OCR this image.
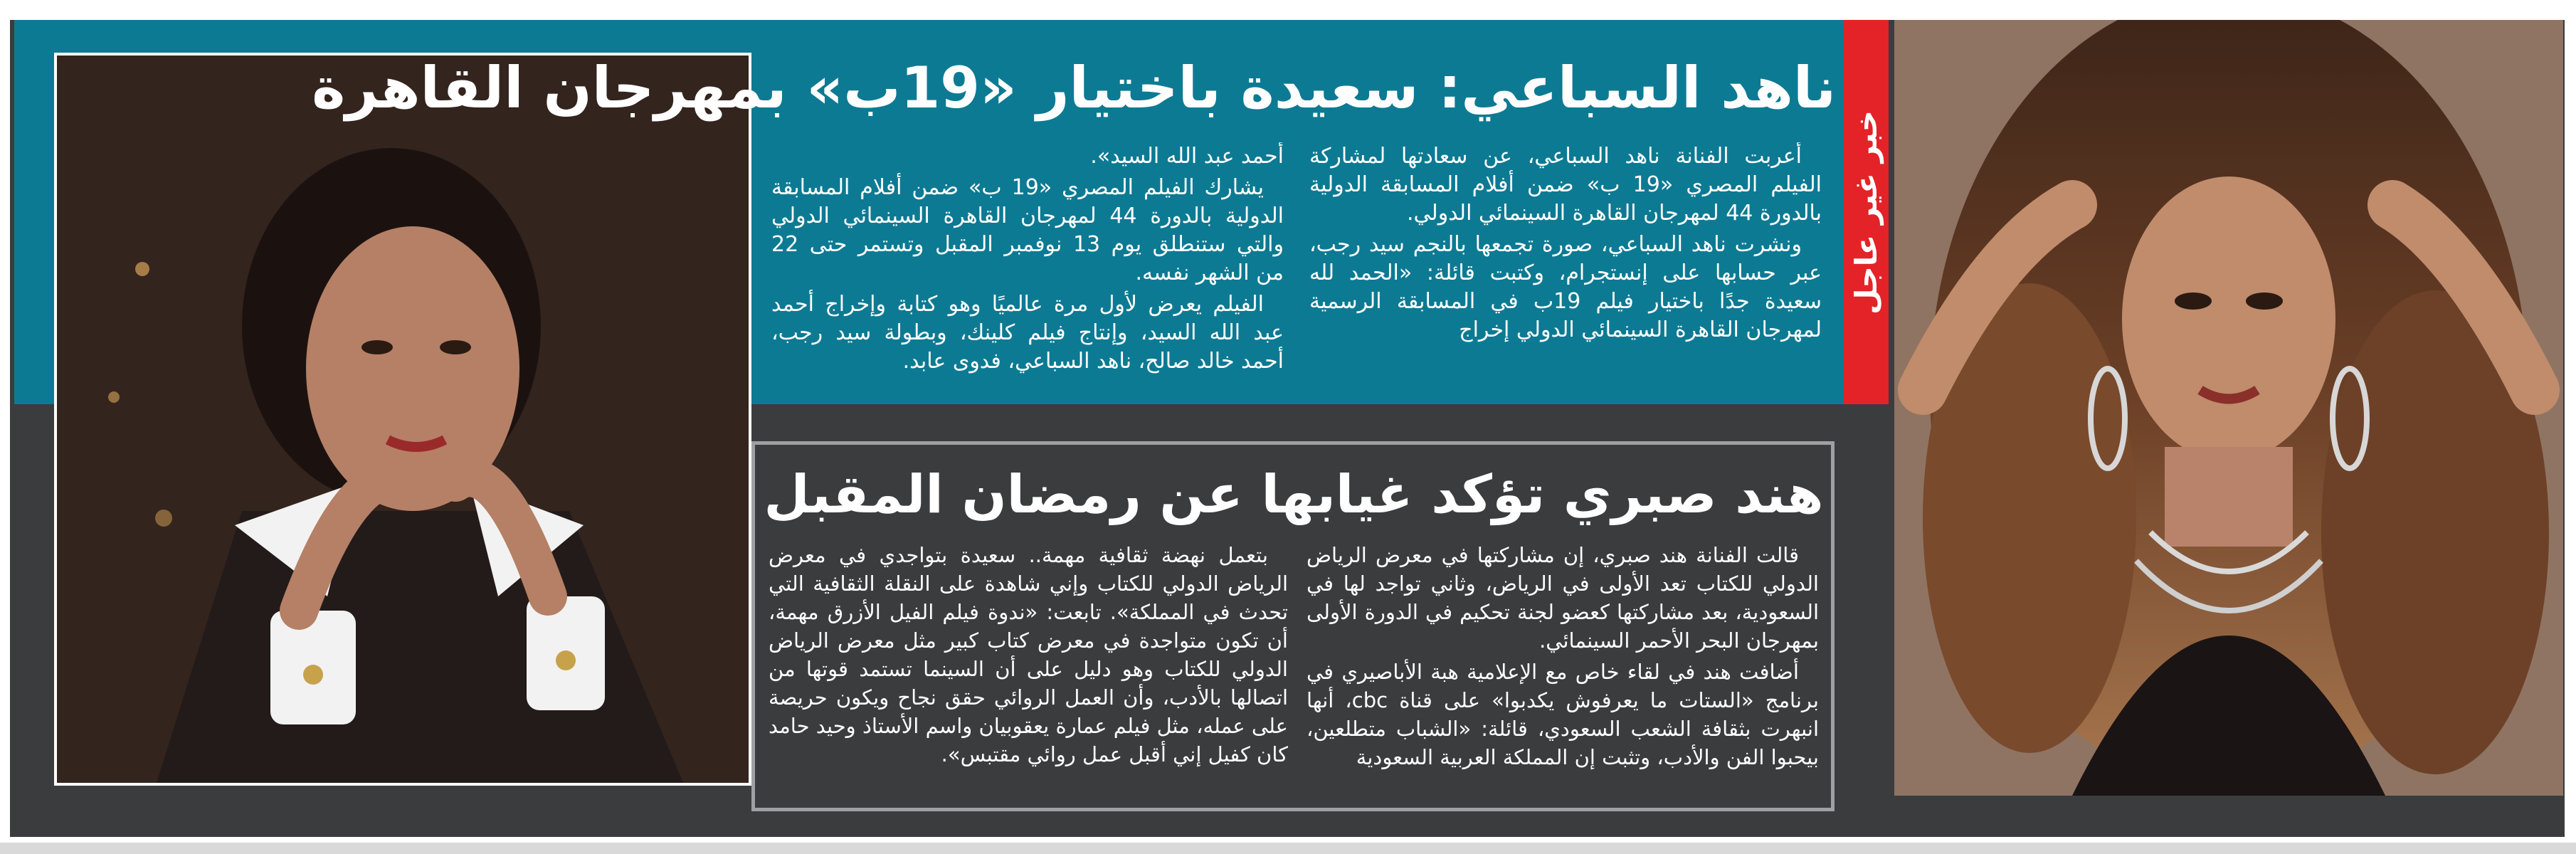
خبر غير عاجل
ناهد السباعي: سعيدة باختيار «19ب» بمهرجان القاهرة

أعربت الفنانة ناهد السباعي، عن سعادتها لمشاركة الفيلم المصري «19 ب» ضمن أفلام المسابقة الدولية بالدورة 44 لمهرجان القاهرة السينمائي الدولي.

ونشرت ناهد السباعي، صورة تجمعها بالنجم سيد رجب، عبر حسابها على إنستجرام، وكتبت قائلة: «الحمد لله سعيدة جدًا باختيار فيلم 19ب في المسابقة الرسمية لمهرجان القاهرة السينمائي الدولي إخراج

أحمد عبد الله السيد».

يشارك الفيلم المصري «19 ب» ضمن أفلام المسابقة الدولية بالدورة 44 لمهرجان القاهرة السينمائي الدولي والتي ستنطلق يوم 13 نوفمبر المقبل وتستمر حتى 22 من الشهر نفسه.

الفيلم يعرض لأول مرة عالميًا وهو كتابة وإخراج أحمد عبد الله السيد، وإنتاج فيلم كلينك، وبطولة سيد رجب، أحمد خالد صالح، ناهد السباعي، فدوى عابد.

هند صبري تؤكد غيابها عن رمضان المقبل

قالت الفنانة هند صبري، إن مشاركتها في معرض الرياض الدولي للكتاب تعد الأولى في الرياض، وثاني تواجد لها في السعودية، بعد مشاركتها كعضو لجنة تحكيم في الدورة الأولى بمهرجان البحر الأحمر السينمائي.

أضافت هند في لقاء خاص مع الإعلامية هبة الأباصيري في برنامج «الستات ما يعرفوش يكدبوا» على قناة cbc، أنها انبهرت بثقافة الشعب السعودي، قائلة: «الشباب متطلعين، بيحبوا الفن والأدب، وتثبت إن المملكة العربية السعودية

بتعمل نهضة ثقافية مهمة.. سعيدة بتواجدي في معرض الرياض الدولي للكتاب وإني شاهدة على النقلة الثقافية التي تحدث في المملكة». تابعت: «ندوة فيلم الفيل الأزرق مهمة، أن تكون متواجدة في معرض كتاب كبير مثل معرض الرياض الدولي للكتاب وهو دليل على أن السينما تستمد قوتها من اتصالها بالأدب، وأن العمل الروائي حقق نجاح ويكون حريصة على عمله، مثل فيلم عمارة يعقوبيان واسم الأستاذ وحيد حامد كان كفيل إني أقبل عمل روائي مقتبس».
